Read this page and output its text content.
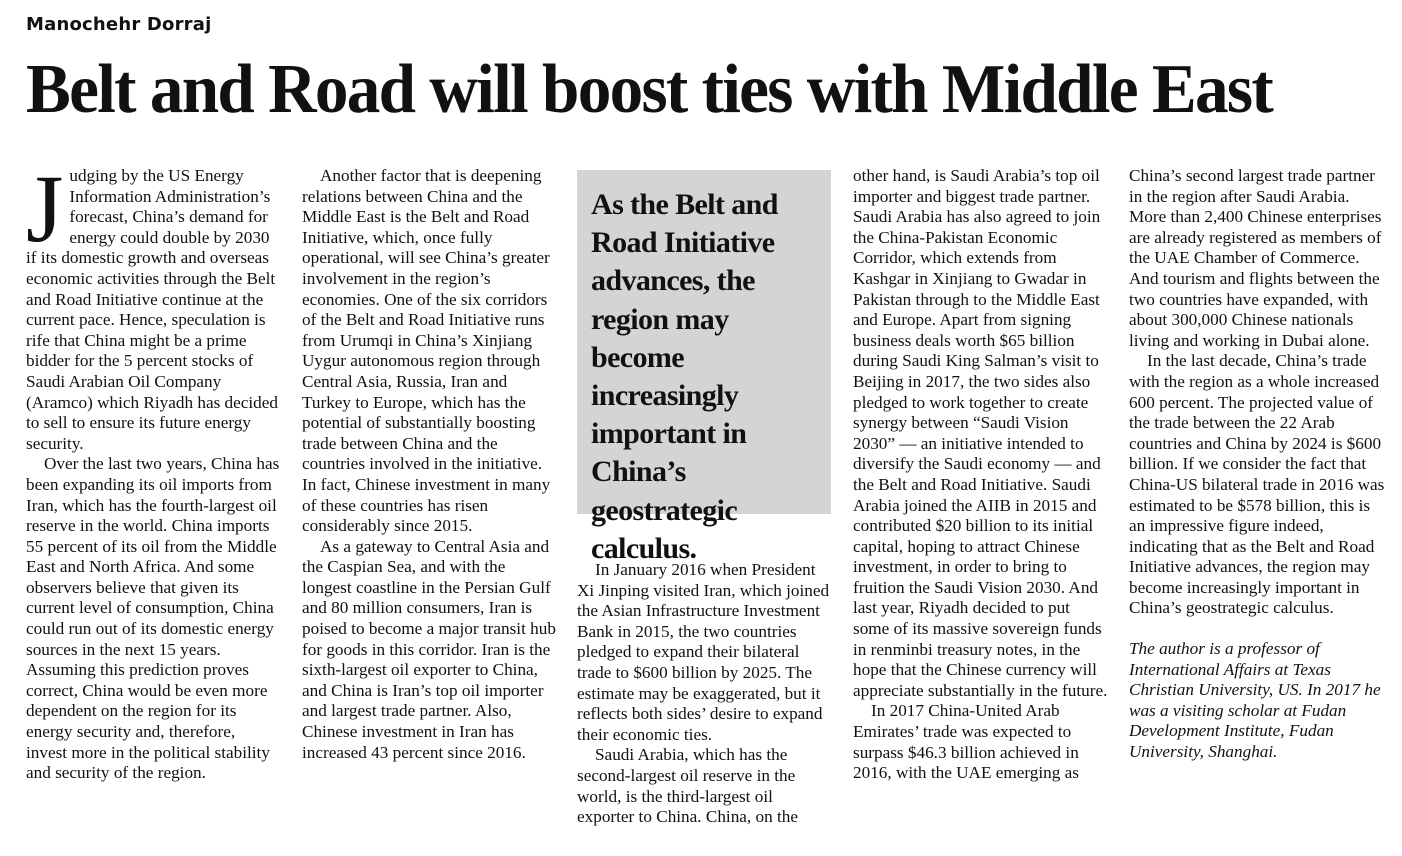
Manochehr Dorraj
Belt and Road will boost ties with Middle East

Judging by the US Energy Information Administration’s forecast, China’s demand for energy could double by 2030 if its domestic growth and overseas economic activities through the Belt and Road Initiative continue at the current pace. Hence, speculation is rife that China might be a prime bidder for the 5 percent stocks of Saudi Arabian Oil Company (Aramco) which Riyadh has decided to sell to ensure its future energy security.

Over the last two years, China has been expanding its oil imports from Iran, which has the fourth-largest oil reserve in the world. China imports 55 percent of its oil from the Middle East and North Africa. And some observers believe that given its current level of consumption, China could run out of its domestic energy sources in the next 15 years. Assuming this prediction proves correct, China would be even more dependent on the region for its energy security and, therefore, invest more in the political stability and security of the region.

Another factor that is deepening relations between China and the Middle East is the Belt and Road Initiative, which, once fully operational, will see China’s greater involvement in the region’s economies. One of the six corridors of the Belt and Road Initiative runs from Urumqi in China’s Xinjiang Uygur autonomous region through Central Asia, Russia, Iran and Turkey to Europe, which has the potential of substantially boosting trade between China and the countries involved in the initiative. In fact, Chinese investment in many of these countries has risen considerably since 2015.

As a gateway to Central Asia and the Caspian Sea, and with the longest coastline in the Persian Gulf and 80 million consumers, Iran is poised to become a major transit hub for goods in this corridor. Iran is the sixth-largest oil exporter to China, and China is Iran’s top oil importer and largest trade partner. Also, Chinese investment in Iran has increased 43 percent since 2016.

As the Belt and Road Initiative advances, the region may become increasingly important in China’s geostrategic calculus.

In January 2016 when President Xi Jinping visited Iran, which joined the Asian Infrastructure Investment Bank in 2015, the two countries pledged to expand their bilateral trade to $600 billion by 2025. The estimate may be exaggerated, but it reflects both sides’ desire to expand their economic ties.

Saudi Arabia, which has the second-largest oil reserve in the world, is the third-largest oil exporter to China. China, on the

other hand, is Saudi Arabia’s top oil importer and biggest trade partner. Saudi Arabia has also agreed to join the China-Pakistan Economic Corridor, which extends from Kashgar in Xinjiang to Gwadar in Pakistan through to the Middle East and Europe. Apart from signing business deals worth $65 billion during Saudi King Salman’s visit to Beijing in 2017, the two sides also pledged to work together to create synergy between “Saudi Vision 2030” — an initiative intended to diversify the Saudi economy — and the Belt and Road Initiative. Saudi Arabia joined the AIIB in 2015 and contributed $20 billion to its initial capital, hoping to attract Chinese investment, in order to bring to fruition the Saudi Vision 2030. And last year, Riyadh decided to put some of its massive sovereign funds in renminbi treasury notes, in the hope that the Chinese currency will appreciate substantially in the future.

In 2017 China-United Arab Emirates’ trade was expected to surpass $46.3 billion achieved in 2016, with the UAE emerging as

China’s second largest trade partner in the region after Saudi Arabia. More than 2,400 Chinese enterprises are already registered as members of the UAE Chamber of Commerce. And tourism and flights between the two countries have expanded, with about 300,000 Chinese nationals living and working in Dubai alone.

In the last decade, China’s trade with the region as a whole increased 600 percent. The projected value of the trade between the 22 Arab countries and China by 2024 is $600 billion. If we consider the fact that China-US bilateral trade in 2016 was estimated to be $578 billion, this is an impressive figure indeed, indicating that as the Belt and Road Initiative advances, the region may become increasingly important in China’s geostrategic calculus.

The author is a professor of International Affairs at Texas Christian University, US. In 2017 he was a visiting scholar at Fudan Development Institute, Fudan University, Shanghai.
